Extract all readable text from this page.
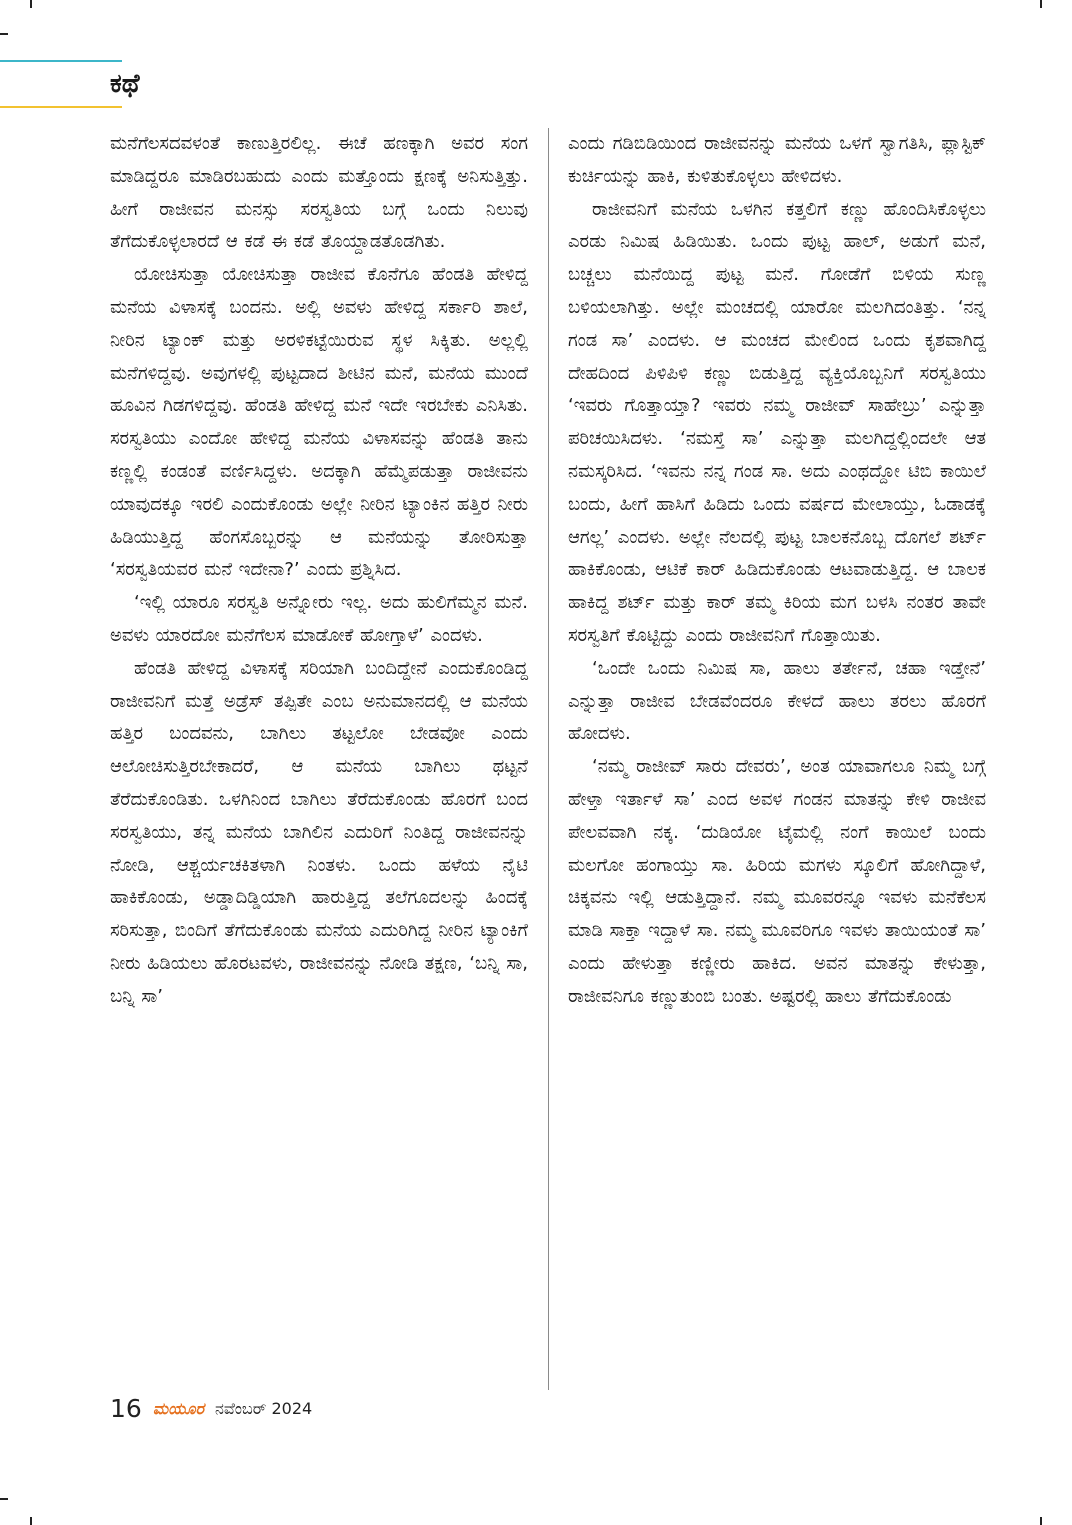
ಕಥೆ

ಮನೆಗೆಲಸದವಳಂತೆ ಕಾಣುತ್ತಿರಲಿಲ್ಲ. ಈಚೆ ಹಣಕ್ಕಾಗಿ ಅವರ ಸಂಗ ಮಾಡಿದ್ದರೂ ಮಾಡಿರಬಹುದು ಎಂದು ಮತ್ತೊಂದು ಕ್ಷಣಕ್ಕೆ ಅನಿಸುತ್ತಿತ್ತು. ಹೀಗೆ ರಾಜೀವನ ಮನಸ್ಸು ಸರಸ್ವತಿಯ ಬಗ್ಗೆ ಒಂದು ನಿಲುವು ತೆಗೆದುಕೊಳ್ಳಲಾರದೆ ಆ ಕಡೆ ಈ ಕಡೆ ತೊಯ್ದಾಡತೊಡಗಿತು.

ಯೋಚಿಸುತ್ತಾ ಯೋಚಿಸುತ್ತಾ ರಾಜೀವ ಕೊನೆಗೂ ಹೆಂಡತಿ ಹೇಳಿದ್ದ ಮನೆಯ ವಿಳಾಸಕ್ಕೆ ಬಂದನು. ಅಲ್ಲಿ ಅವಳು ಹೇಳಿದ್ದ ಸರ್ಕಾರಿ ಶಾಲೆ, ನೀರಿನ ಟ್ಯಾಂಕ್ ಮತ್ತು ಅರಳಿಕಟ್ಟೆಯಿರುವ ಸ್ಥಳ ಸಿಕ್ಕಿತು. ಅಲ್ಲಲ್ಲಿ ಮನೆಗಳಿದ್ದವು. ಅವುಗಳಲ್ಲಿ ಪುಟ್ಟದಾದ ಶೀಟಿನ ಮನೆ, ಮನೆಯ ಮುಂದೆ ಹೂವಿನ ಗಿಡಗಳಿದ್ದವು. ಹೆಂಡತಿ ಹೇಳಿದ್ದ ಮನೆ ಇದೇ ಇರಬೇಕು ಎನಿಸಿತು. ಸರಸ್ವತಿಯು ಎಂದೋ ಹೇಳಿದ್ದ ಮನೆಯ ವಿಳಾಸವನ್ನು ಹೆಂಡತಿ ತಾನು ಕಣ್ಣಲ್ಲಿ ಕಂಡಂತೆ ವರ್ಣಿಸಿದ್ದಳು. ಅದಕ್ಕಾಗಿ ಹೆಮ್ಮೆಪಡುತ್ತಾ ರಾಜೀವನು ಯಾವುದಕ್ಕೂ ಇರಲಿ ಎಂದುಕೊಂಡು ಅಲ್ಲೇ ನೀರಿನ ಟ್ಯಾಂಕಿನ ಹತ್ತಿರ ನೀರು ಹಿಡಿಯುತ್ತಿದ್ದ ಹೆಂಗಸೊಬ್ಬರನ್ನು ಆ ಮನೆಯನ್ನು ತೋರಿಸುತ್ತಾ ‘ಸರಸ್ವತಿಯವರ ಮನೆ ಇದೇನಾ?’ ಎಂದು ಪ್ರಶ್ನಿಸಿದ.

‘ಇಲ್ಲಿ ಯಾರೂ ಸರಸ್ವತಿ ಅನ್ನೋರು ಇಲ್ಲ. ಅದು ಹುಲಿಗೆಮ್ಮನ ಮನೆ. ಅವಳು ಯಾರದೋ ಮನೆಗೆಲಸ ಮಾಡೋಕೆ ಹೋಗ್ತಾಳೆ’ ಎಂದಳು.

ಹೆಂಡತಿ ಹೇಳಿದ್ದ ವಿಳಾಸಕ್ಕೆ ಸರಿಯಾಗಿ ಬಂದಿದ್ದೇನೆ ಎಂದುಕೊಂಡಿದ್ದ ರಾಜೀವನಿಗೆ ಮತ್ತೆ ಅಡ್ರೆಸ್ ತಪ್ಪಿತೇ ಎಂಬ ಅನುಮಾನದಲ್ಲಿ ಆ ಮನೆಯ ಹತ್ತಿರ ಬಂದವನು, ಬಾಗಿಲು ತಟ್ಟಲೋ ಬೇಡವೋ ಎಂದು ಆಲೋಚಿಸುತ್ತಿರಬೇಕಾದರೆ, ಆ ಮನೆಯ ಬಾಗಿಲು ಥಟ್ಟನೆ ತೆರೆದುಕೊಂಡಿತು. ಒಳಗಿನಿಂದ ಬಾಗಿಲು ತೆರೆದುಕೊಂಡು ಹೊರಗೆ ಬಂದ ಸರಸ್ವತಿಯು, ತನ್ನ ಮನೆಯ ಬಾಗಿಲಿನ ಎದುರಿಗೆ ನಿಂತಿದ್ದ ರಾಜೀವನನ್ನು ನೋಡಿ, ಆಶ್ಚರ್ಯಚಕಿತಳಾಗಿ ನಿಂತಳು. ಒಂದು ಹಳೆಯ ನೈಟಿ ಹಾಕಿಕೊಂಡು, ಅಡ್ಡಾದಿಡ್ಡಿಯಾಗಿ ಹಾರುತ್ತಿದ್ದ ತಲೆಗೂದಲನ್ನು ಹಿಂದಕ್ಕೆ ಸರಿಸುತ್ತಾ, ಬಿಂದಿಗೆ ತೆಗೆದುಕೊಂಡು ಮನೆಯ ಎದುರಿಗಿದ್ದ ನೀರಿನ ಟ್ಯಾಂಕಿಗೆ ನೀರು ಹಿಡಿಯಲು ಹೊರಟವಳು, ರಾಜೀವನನ್ನು ನೋಡಿ ತಕ್ಷಣ, ‘ಬನ್ನಿ ಸಾ, ಬನ್ನಿ ಸಾ’

ಎಂದು ಗಡಿಬಿಡಿಯಿಂದ ರಾಜೀವನನ್ನು ಮನೆಯ ಒಳಗೆ ಸ್ವಾಗತಿಸಿ, ಪ್ಲಾಸ್ಟಿಕ್ ಕುರ್ಚಿಯನ್ನು ಹಾಕಿ, ಕುಳಿತುಕೊಳ್ಳಲು ಹೇಳಿದಳು.

ರಾಜೀವನಿಗೆ ಮನೆಯ ಒಳಗಿನ ಕತ್ತಲಿಗೆ ಕಣ್ಣು ಹೊಂದಿಸಿಕೊಳ್ಳಲು ಎರಡು ನಿಮಿಷ ಹಿಡಿಯಿತು. ಒಂದು ಪುಟ್ಟ ಹಾಲ್, ಅಡುಗೆ ಮನೆ, ಬಚ್ಚಲು ಮನೆಯಿದ್ದ ಪುಟ್ಟ ಮನೆ. ಗೋಡೆಗೆ ಬಿಳಿಯ ಸುಣ್ಣ ಬಳಿಯಲಾಗಿತ್ತು. ಅಲ್ಲೇ ಮಂಚದಲ್ಲಿ ಯಾರೋ ಮಲಗಿದಂತಿತ್ತು. ‘ನನ್ನ ಗಂಡ ಸಾ’ ಎಂದಳು. ಆ ಮಂಚದ ಮೇಲಿಂದ ಒಂದು ಕೃಶವಾಗಿದ್ದ ದೇಹದಿಂದ ಪಿಳಿಪಿಳಿ ಕಣ್ಣು ಬಿಡುತ್ತಿದ್ದ ವ್ಯಕ್ತಿಯೊಬ್ಬನಿಗೆ ಸರಸ್ವತಿಯು ‘ಇವರು ಗೊತ್ತಾಯ್ತಾ? ಇವರು ನಮ್ಮ ರಾಜೀವ್ ಸಾಹೇಬ್ರು’ ಎನ್ನುತ್ತಾ ಪರಿಚಯಿಸಿದಳು. ‘ನಮಸ್ತೆ ಸಾ’ ಎನ್ನುತ್ತಾ ಮಲಗಿದ್ದಲ್ಲಿಂದಲೇ ಆತ ನಮಸ್ಕರಿಸಿದ. ‘ಇವನು ನನ್ನ ಗಂಡ ಸಾ. ಅದು ಎಂಥದ್ದೋ ಟಿಬಿ ಕಾಯಿಲೆ ಬಂದು, ಹೀಗೆ ಹಾಸಿಗೆ ಹಿಡಿದು ಒಂದು ವರ್ಷದ ಮೇಲಾಯ್ತು, ಓಡಾಡಕ್ಕೆ ಆಗಲ್ಲ’ ಎಂದಳು. ಅಲ್ಲೇ ನೆಲದಲ್ಲಿ ಪುಟ್ಟ ಬಾಲಕನೊಬ್ಬ ದೊಗಲೆ ಶರ್ಟ್ ಹಾಕಿಕೊಂಡು, ಆಟಿಕೆ ಕಾರ್ ಹಿಡಿದುಕೊಂಡು ಆಟವಾಡುತ್ತಿದ್ದ. ಆ ಬಾಲಕ ಹಾಕಿದ್ದ ಶರ್ಟ್ ಮತ್ತು ಕಾರ್ ತಮ್ಮ ಕಿರಿಯ ಮಗ ಬಳಸಿ ನಂತರ ತಾವೇ ಸರಸ್ವತಿಗೆ ಕೊಟ್ಟಿದ್ದು ಎಂದು ರಾಜೀವನಿಗೆ ಗೊತ್ತಾಯಿತು.

‘ಒಂದೇ ಒಂದು ನಿಮಿಷ ಸಾ, ಹಾಲು ತರ್ತೇನೆ, ಚಹಾ ಇಡ್ತೇನೆ’ ಎನ್ನುತ್ತಾ ರಾಜೀವ ಬೇಡವೆಂದರೂ ಕೇಳದೆ ಹಾಲು ತರಲು ಹೊರಗೆ ಹೋದಳು.

‘ನಮ್ಮ ರಾಜೀವ್ ಸಾರು ದೇವರು’, ಅಂತ ಯಾವಾಗಲೂ ನಿಮ್ಮ ಬಗ್ಗೆ ಹೇಳ್ತಾ ಇರ್ತಾಳೆ ಸಾ’ ಎಂದ ಅವಳ ಗಂಡನ ಮಾತನ್ನು ಕೇಳಿ ರಾಜೀವ ಪೇಲವವಾಗಿ ನಕ್ಕ. ‘ದುಡಿಯೋ ಟೈಮಲ್ಲಿ ನಂಗೆ ಕಾಯಿಲೆ ಬಂದು ಮಲಗೋ ಹಂಗಾಯ್ತು ಸಾ. ಹಿರಿಯ ಮಗಳು ಸ್ಕೂಲಿಗೆ ಹೋಗಿದ್ದಾಳೆ, ಚಿಕ್ಕವನು ಇಲ್ಲಿ ಆಡುತ್ತಿದ್ದಾನೆ. ನಮ್ಮ ಮೂವರನ್ನೂ ಇವಳು ಮನೆಕೆಲಸ ಮಾಡಿ ಸಾಕ್ತಾ ಇದ್ದಾಳೆ ಸಾ. ನಮ್ಮ ಮೂವರಿಗೂ ಇವಳು ತಾಯಿಯಂತೆ ಸಾ’ ಎಂದು ಹೇಳುತ್ತಾ ಕಣ್ಣೀರು ಹಾಕಿದ. ಅವನ ಮಾತನ್ನು ಕೇಳುತ್ತಾ, ರಾಜೀವನಿಗೂ ಕಣ್ಣುತುಂಬಿ ಬಂತು. ಅಷ್ಟರಲ್ಲಿ ಹಾಲು ತೆಗೆದುಕೊಂಡು

16 ಮಯೂರ ನವೆಂಬರ್ 2024
